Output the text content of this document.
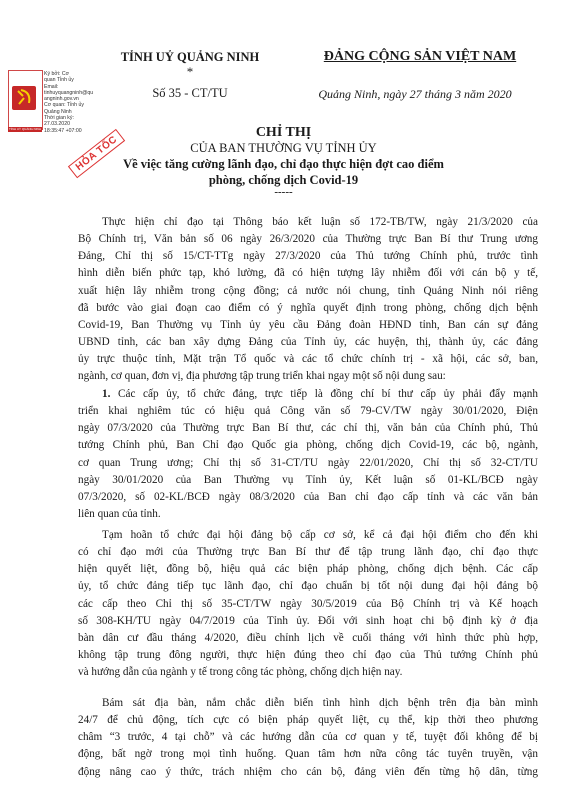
TỈNH UỶ QUẢNG NINH
Ký bởi: Cơ
quan Tỉnh ủy
Email:
tinhuyquangninh@qu
angninh.gov.vn
Cơ quan: Tỉnh ủy
Quảng Ninh
Thời gian ký:
27.03.2020
18:35:47 +07:00
TỈNH UỶ QUẢNG NINH
*
Số 35 - CT/TU
ĐẢNG CỘNG SẢN VIỆT NAM
Quảng Ninh, ngày 27 tháng 3 năm 2020
HỎA TỐC
CHỈ THỊ
CỦA BAN THƯỜNG VỤ TỈNH ỦY
Về việc tăng cường lãnh đạo, chỉ đạo thực hiện đợt cao điểm
phòng, chống dịch Covid-19
-----
Thực hiện chỉ đạo tại Thông báo kết luận số 172-TB/TW, ngày 21/3/2020 của
Bộ Chính trị, Văn bản số 06 ngày 26/3/2020 của Thường trực Ban Bí thư Trung ương
Đảng, Chỉ thị số 15/CT-TTg ngày 27/3/2020 của Thủ tướng Chính phủ, trước tình
hình diễn biến phức tạp, khó lường, đã có hiện tượng lây nhiễm đối với cán bộ y tế,
xuất hiện lây nhiễm trong cộng đồng; cả nước nói chung, tỉnh Quảng Ninh nói riêng
đã bước vào giai đoạn cao điểm có ý nghĩa quyết định trong phòng, chống dịch bệnh
Covid-19, Ban Thường vụ Tỉnh ủy yêu cầu Đảng đoàn HĐND tỉnh, Ban cán sự đảng
UBND tỉnh, các ban xây dựng Đảng của Tỉnh ủy, các huyện, thị, thành ủy, các đảng
ủy trực thuộc tỉnh, Mặt trận Tổ quốc và các tổ chức chính trị - xã hội, các sở, ban,
ngành, cơ quan, đơn vị, địa phương tập trung triển khai ngay một số nội dung sau:
1. Các cấp ủy, tổ chức đảng, trực tiếp là đồng chí bí thư cấp ủy phải đẩy mạnh
triển khai nghiêm túc có hiệu quả Công văn số 79-CV/TW ngày 30/01/2020, Điện
ngày 07/3/2020 của Thường trực Ban Bí thư, các chỉ thị, văn bản của Chính phủ, Thủ
tướng Chính phủ, Ban Chỉ đạo Quốc gia phòng, chống dịch Covid-19, các bộ, ngành,
cơ quan Trung ương; Chỉ thị số 31-CT/TU ngày 22/01/2020, Chỉ thị số 32-CT/TU
ngày 30/01/2020 của Ban Thường vụ Tỉnh ủy, Kết luận số 01-KL/BCĐ ngày
07/3/2020, số 02-KL/BCĐ ngày 08/3/2020 của Ban chỉ đạo cấp tỉnh và các văn bản
liên quan của tỉnh.
Tạm hoãn tổ chức đại hội đảng bộ cấp cơ sở, kể cả đại hội điểm cho đến khi
có chỉ đạo mới của Thường trực Ban Bí thư để tập trung lãnh đạo, chỉ đạo thực
hiện quyết liệt, đồng bộ, hiệu quả các biện pháp phòng, chống dịch bệnh. Các cấp
ủy, tổ chức đảng tiếp tục lãnh đạo, chỉ đạo chuẩn bị tốt nội dung đại hội đảng bộ
các cấp theo Chỉ thị số 35-CT/TW ngày 30/5/2019 của Bộ Chính trị và Kế hoạch
số 308-KH/TU ngày 04/7/2019 của Tỉnh ủy. Đối với sinh hoạt chi bộ định kỳ ở địa
bàn dân cư đầu tháng 4/2020, điều chỉnh lịch về cuối tháng với hình thức phù hợp,
không tập trung đông người, thực hiện đúng theo chỉ đạo của Thủ tướng Chính phủ
và hướng dẫn của ngành y tế trong công tác phòng, chống dịch hiện nay.
Bám sát địa bàn, nắm chắc diễn biến tình hình dịch bệnh trên địa bàn mình
24/7 để chủ động, tích cực có biện pháp quyết liệt, cụ thể, kịp thời theo phương
châm “3 trước, 4 tại chỗ” và các hướng dẫn của cơ quan y tế, tuyệt đối không để bị
động, bất ngờ trong mọi tình huống. Quan tâm hơn nữa công tác tuyên truyền, vận
động nâng cao ý thức, trách nhiệm cho cán bộ, đảng viên đến từng hộ dân, từng
